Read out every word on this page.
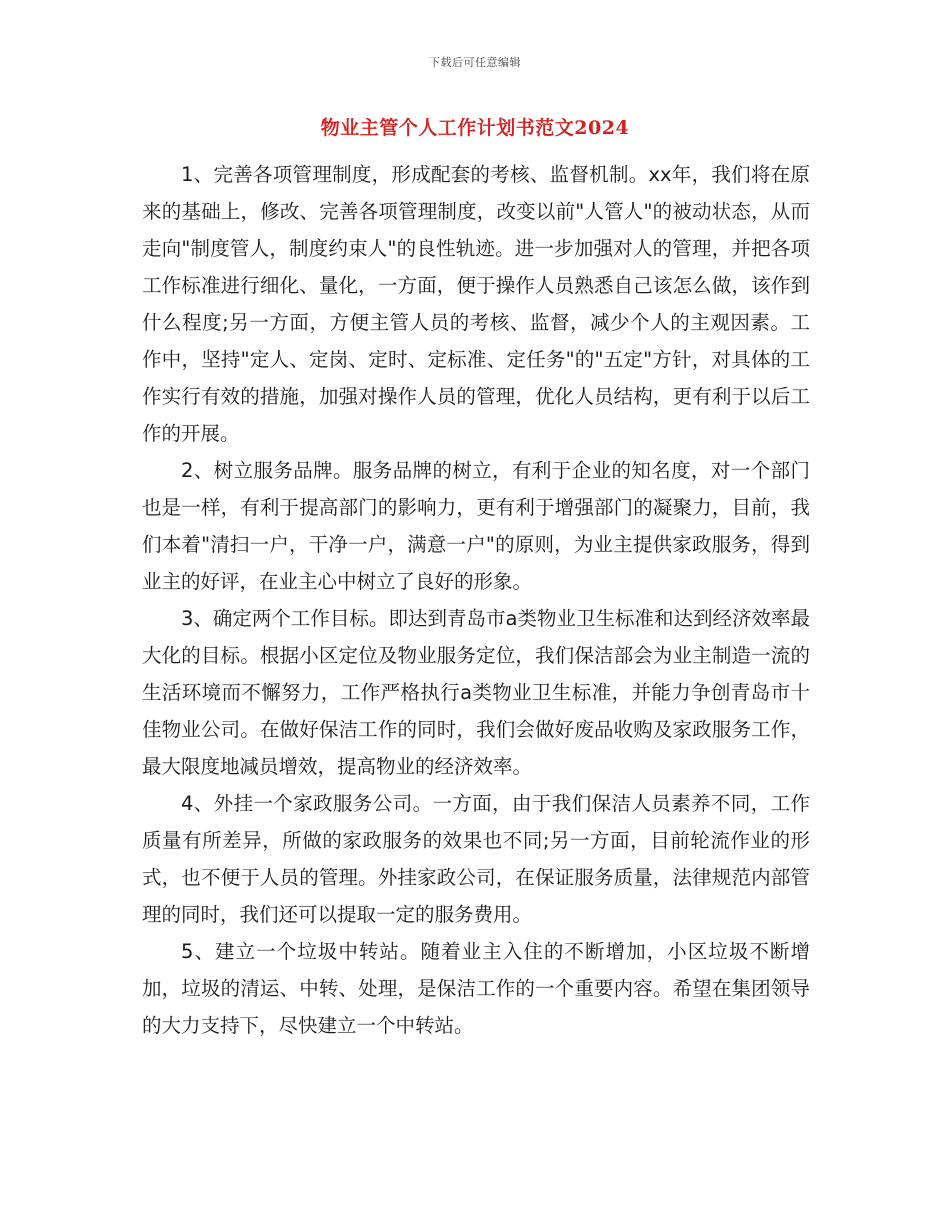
下载后可任意编辑
物业主管个人工作计划书范文2024

1、完善各项管理制度，形成配套的考核、监督机制。xx年，我们将在原来的基础上，修改、完善各项管理制度，改变以前"人管人"的被动状态，从而走向"制度管人，制度约束人"的良性轨迹。进一步加强对人的管理，并把各项工作标准进行细化、量化，一方面，便于操作人员熟悉自己该怎么做，该作到什么程度;另一方面，方便主管人员的考核、监督，减少个人的主观因素。工作中，坚持"定人、定岗、定时、定标准、定任务"的"五定"方针，对具体的工作实行有效的措施，加强对操作人员的管理，优化人员结构，更有利于以后工作的开展。

2、树立服务品牌。服务品牌的树立，有利于企业的知名度，对一个部门也是一样，有利于提高部门的影响力，更有利于增强部门的凝聚力，目前，我们本着"清扫一户，干净一户，满意一户"的原则，为业主提供家政服务，得到业主的好评，在业主心中树立了良好的形象。

3、确定两个工作目标。即达到青岛市a类物业卫生标准和达到经济效率最大化的目标。根据小区定位及物业服务定位，我们保洁部会为业主制造一流的生活环境而不懈努力，工作严格执行a类物业卫生标准，并能力争创青岛市十佳物业公司。在做好保洁工作的同时，我们会做好废品收购及家政服务工作，最大限度地减员增效，提高物业的经济效率。

4、外挂一个家政服务公司。一方面，由于我们保洁人员素养不同，工作质量有所差异，所做的家政服务的效果也不同;另一方面，目前轮流作业的形式，也不便于人员的管理。外挂家政公司，在保证服务质量，法律规范内部管理的同时，我们还可以提取一定的服务费用。

5、建立一个垃圾中转站。随着业主入住的不断增加，小区垃圾不断增加，垃圾的清运、中转、处理，是保洁工作的一个重要内容。希望在集团领导的大力支持下，尽快建立一个中转站。
